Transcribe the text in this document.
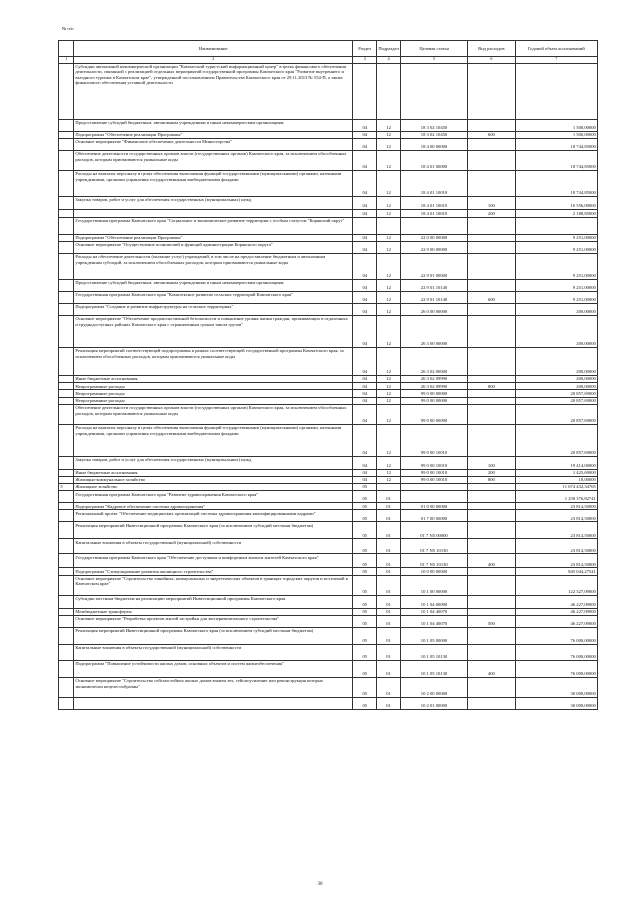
№ п/п
	Наименование	Раздел	Подраздел	Целевая статья	Вид расходов	Годовой объем ассигнований
1	2	3	4	5	6	7
	Субсидии автономной некоммерческой организации "Камчатский туристский информационный центр" в целях финансового обеспечения деятельности, связанной с реализацией отдельных мероприятий государственной программы Камчатского края "Развитие внутреннего и въездного туризма в Камчатском крае", утвержденной постановлением Правительства Камчатского края от 29.11.2013 № 554-П, а также финансового обеспечения уставной деятельности					
	Предоставление субсидий бюджетным, автономным учреждениям и иным некоммерческим организациям	04	12	18 3 02 10450		1 500,00000
	Подпрограмма "Обеспечение реализации Программы"	04	12	18 3 02 10450	600	1 500,00000
	Основное мероприятие "Финансовое обеспечение деятельности Министерства"	04	12	18 4 00 00000		18 744,85000
	Обеспечение деятельности государственных органов власти (государственных органов) Камчатского края, за исключением обособленных расходов, которым присваиваются уникальные коды	04	12	18 4 01 00000		18 744,85000
	Расходы на выплаты персоналу в целях обеспечения выполнения функций государственными (муниципальными) органами, казенными учреждениями, органами управления государственными внебюджетными фондами	04	12	18 4 01 10010		18 744,85000
	Закупка товаров, работ и услуг для обеспечения государственных (муниципальных) нужд	04	12	18 4 01 10010	100	16 556,00000
		04	12	18 4 01 10010	200	2 188,85000
	Государственная программа Камчатского края "Социальное и экономическое развитие территории с особым статусом "Корякский округ"					
	Подпрограмма "Обеспечение реализации Программы"	04	12	22 0 00 00000		9 251,00000
	Основное мероприятие "Осуществление полномочий и функций администрации Корякского округа"	04	12	22 9 00 00000		9 251,00000
	Расходы на обеспечение деятельности (оказание услуг) учреждений, в том числе на предоставление бюджетным и автономным учреждениям субсидий, за исключением обособленных расходов, которым присваиваются уникальные коды	04	12	22 9 01 00000		9 251,00000
	Предоставление субсидий бюджетным, автономным учреждениям и иным некоммерческим организациям	04	12	22 9 01 10140		9 251,00000
	Государственная программа Камчатского края "Комплексное развитие сельских территорий Камчатского края"	04	12	22 9 01 10140	600	9 251,00000
	Подпрограмма "Создание и развитие инфраструктуры на сельских территориях"	04	12	26 0 00 00000		200,00000
	Основное мероприятие "Обеспечение продовольственной безопасности и повышение уровня жизни граждан, проживающих в отдаленных и труднодоступных районах Камчатского края с ограниченным сроком завоза грузов"	04	12	26 3 00 00000		200,00000
	Реализация мероприятий соответствующей подпрограммы в рамках соответствующей государственной программы Камчатского края, за исключением обособленных расходов, которым присваиваются уникальные коды	04	12	26 3 02 00000		200,00000
	Иные бюджетные ассигнования	04	12	26 3 02 09990		200,00000
	Непрограммные расходы	04	12	26 3 02 09990	800	200,00000
	Непрограммные расходы	04	12	99 0 00 00000		20 857,69000
	Непрограммные расходы	04	12	99 0 00 00000		20 857,69000
	Обеспечение деятельности государственных органов власти (государственных органов) Камчатского края, за исключением обособленных расходов, которым присваиваются уникальные коды	04	12	99 0 00 00000		20 857,69000
	Расходы на выплаты персоналу в целях обеспечения выполнения функций государственными (муниципальными) органами, казенными учреждениями, органами управления государственными внебюджетными фондами	04	12	99 0 00 10010		20 857,69000
	Закупка товаров, работ и услуг для обеспечения государственных (муниципальных) нужд	04	12	99 0 00 10010	100	19 414,00000
	Иные бюджетные ассигнования	04	12	99 0 00 10010	200	1 425,69000
	Жилищно-коммунальное хозяйство	04	12	99 0 00 10010	800	18,00000
5	Жилищное хозяйство	05				11 674 432,34765
	Государственная программа Камчатского края "Развитие здравоохранения Камчатского края"	05	01			1 258 376,82741
	Подпрограмма "Кадровое обеспечение системы здравоохранения"	05	01	01 0 00 00000		23 814,50000
	Региональный проект "Обеспечение медицинских организаций системы здравоохранения квалифицированными кадрами"	05	01	01 7 00 00000		23 814,50000
	Реализация мероприятий Инвестиционной программы Камчатского края (за исключением субсидий местным бюджетам)	05	01	01 7 N5 00000		23 814,50000
	Капитальные вложения в объекты государственной (муниципальной) собственности	05	01	01 7 N5 10130		23 814,50000
	Государственная программа Камчатского края "Обеспечение доступным и комфортным жильем жителей Камчатского края"	05	01	01 7 N5 10130	400	23 814,50000
	Подпрограмма "Стимулирование развития жилищного строительства"	05	01	10 0 00 00000		845 044,27541
	Основное мероприятие "Строительство линейных, коммунальных и энергетических объектов в границах городских округов и поселений в Камчатском крае"	05	01	10 1 00 00000		122 327,09000
	Субсидии местным бюджетам на реализацию мероприятий Инвестиционной программы Камчатского края	05	01	10 1 04 00000		46 227,09000
	Межбюджетные трансферты	05	01	10 1 04 40070		46 227,09000
	Основное мероприятие "Разработка проектов жилой застройки для экспериментального строительства"	05	01	10 1 04 40070	500	46 227,09000
	Реализация мероприятий Инвестиционной программы Камчатского края (за исключением субсидий местным бюджетам)	05	01	10 1 05 00000		76 000,00000
	Капитальные вложения в объекты государственной (муниципальной) собственности	05	01	10 1 05 10130		76 000,00000
	Подпрограмма "Повышение устойчивости жилых домов, основных объектов и систем жизнеобеспечения"	05	01	10 1 05 10130	400	76 000,00000
	Основное мероприятие "Строительство сейсмостойких жилых домов взамен тех, сейсмоусиление или реконструкция которых экономически нецелесообразны"	05	01	10 2 00 00000		30 000,00000
		05	01	10 2 01 00000		30 000,00000
30
